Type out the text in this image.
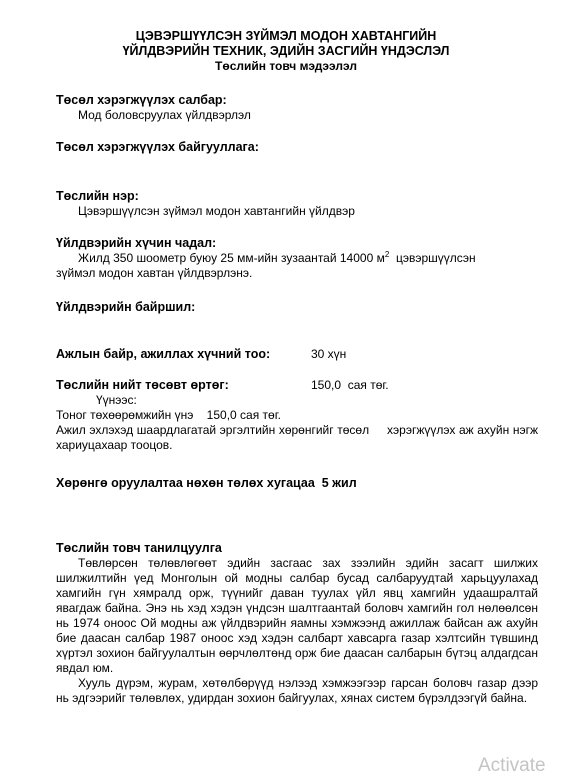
ЦЭВЭРШҮҮЛСЭН ЗҮЙМЭЛ МОДОН ХАВТАНГИЙН
ҮЙЛДВЭРИЙН ТЕХНИК, ЭДИЙН ЗАСГИЙН ҮНДЭСЛЭЛ
Төслийн товч мэдээлэл
Төсөл хэрэгжүүлэх салбар:
Мод боловсруулах үйлдвэрлэл
Төсөл хэрэгжүүлэх байгууллага:
Төслийн нэр:
Цэвэршүүлсэн зүймэл модон хавтангийн үйлдвэр
Үйлдвэрийн хүчин чадал:
Жилд 350 шоометр буюу 25 мм-ийн зузаантай 14000 $м^2$  цэвэршүүлсэн
зүймэл модон хавтан үйлдвэрлэнэ.
Үйлдвэрийн байршил:
Ажлын байр, ажиллах хүчний тоо:	30 хүн
Төслийн нийт төсөвт өртөг:	150,0  сая төг.
Үүнээс:
Тоног төхөөрөмжийн үнэ    150,0 сая төг.
Ажил эхлэхэд шаардлагатай эргэлтийн хөрөнгийг төсөл     хэрэгжүүлэх аж ахуйн нэгж хариуцахаар тооцов.
Хөрөнгө оруулалтаа нөхөн төлөх хугацаа  5 жил
Төслийн товч танилцуулга
Төвлөрсөн төлөвлөгөөт эдийн засгаас зах зээлийн эдийн засагт шилжих шилжилтийн үед Монголын ой модны салбар бусад салбаруудтай харьцуулахад хамгийн гүн хямралд орж, түүнийг даван туулах үйл явц хамгийн удаашралтай явагдаж байна. Энэ нь хэд хэдэн үндсэн шалтгаантай боловч хамгийн гол нөлөөлсөн нь 1974 оноос Ой модны аж үйлдвэрийн яамны хэмжээнд ажиллаж байсан аж ахуйн бие даасан салбар 1987 оноос хэд хэдэн салбарт хавсарга газар хэлтсийн түвшинд хүртэл зохион байгуулалтын өөрчлөлтөнд орж бие даасан салбарын бүтэц алдагдсан явдал юм.
Хууль дүрэм, журам, хөтөлбөрүүд нэлээд хэмжээгээр гарсан боловч газар дээр нь эдгээрийг төлөвлөх, удирдан зохион байгуулах, хянах систем бүрэлдээгүй байна.
Activate
